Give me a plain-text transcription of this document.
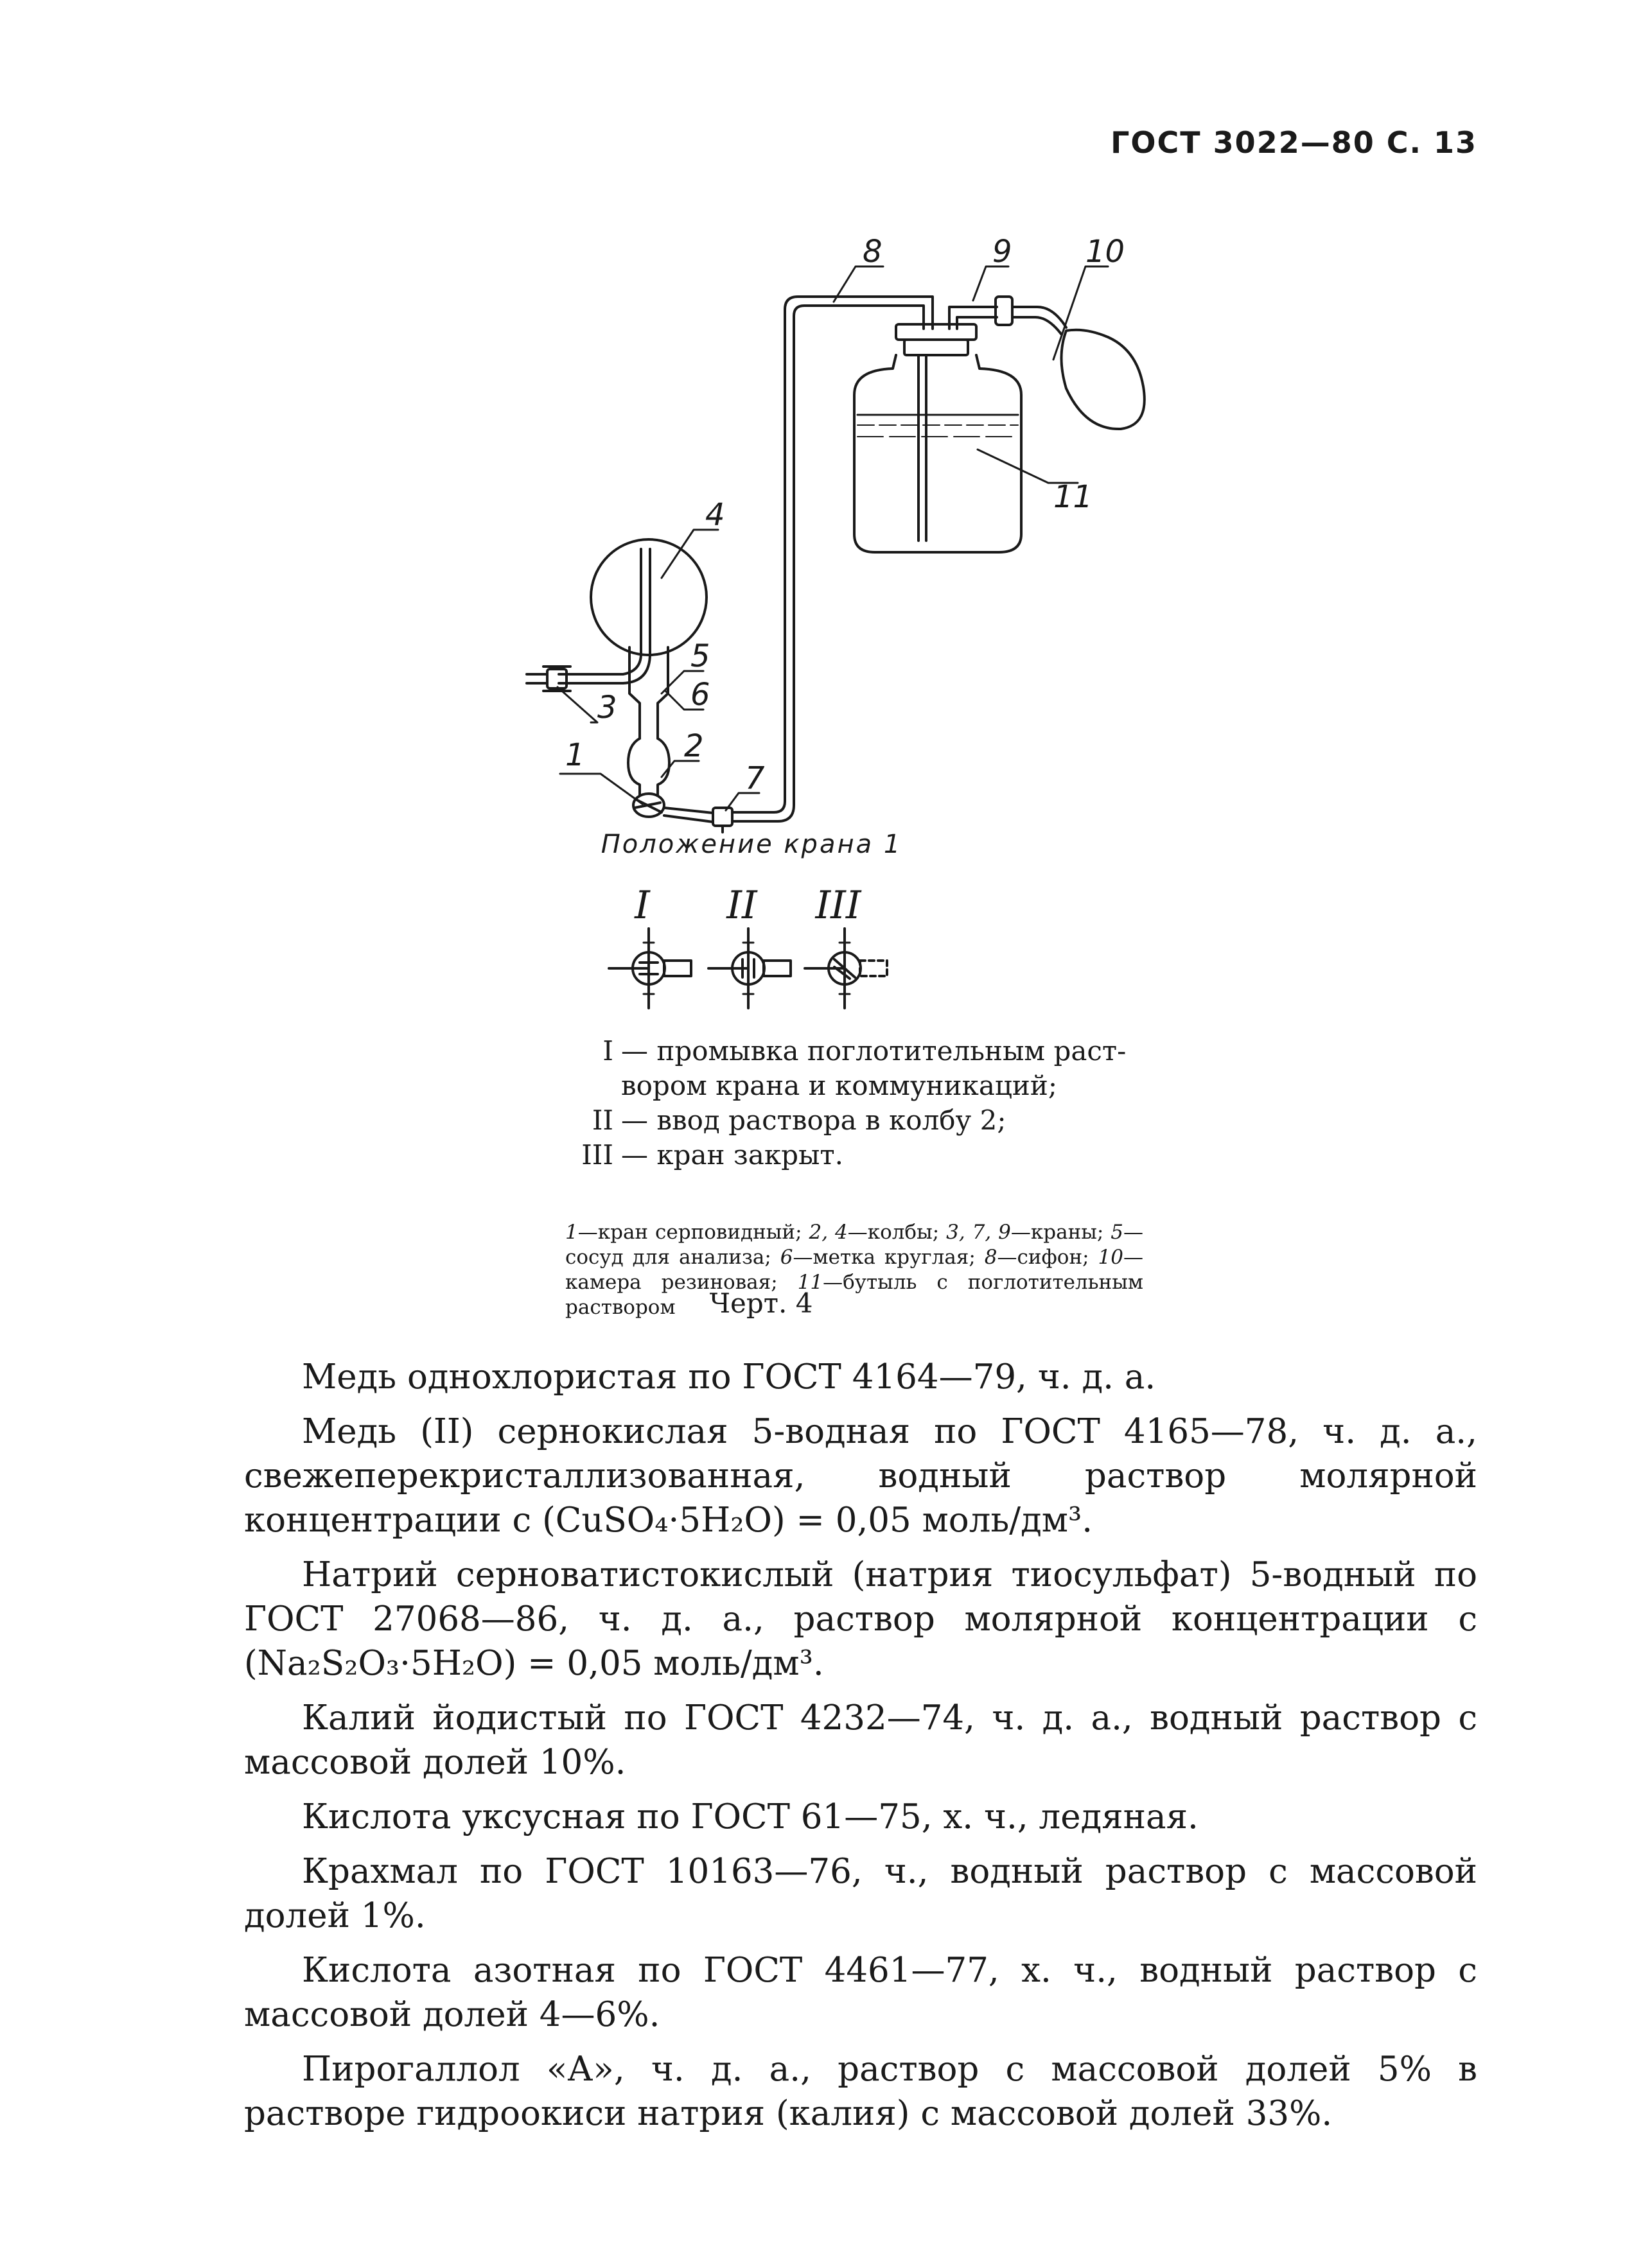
ГОСТ 3022—80 С. 13
1	2
3
4
5
6
7
8	9 10
11
I II III
Положение крана 1
I — промывка поглотительным раст-
вором крана и коммуникаций;
II — ввод раствора в колбу 2;
III — кран закрыт.
1—кран серповидный; 2, 4—колбы; 3, 7, 9—краны; 5—сосуд для анализа; 6—метка круглая; 8—сифон; 10—камера резиновая; 11—бутыль с поглотительным раствором	Черт. 4

Медь однохлористая по ГОСТ 4164—79, ч. д. а.

Медь (II) сернокислая 5-водная по ГОСТ 4165—78, ч. д. а., свежеперекристаллизованная, водный раствор молярной концентрации с (CuSO₄·5H₂O) = 0,05 моль/дм³.

Натрий серноватистокислый (натрия тиосульфат) 5-водный по ГОСТ 27068—86, ч. д. а., раствор молярной концентрации с (Na₂S₂O₃·5H₂O) = 0,05 моль/дм³.

Калий йодистый по ГОСТ 4232—74, ч. д. а., водный раствор с массовой долей 10%.

Кислота уксусная по ГОСТ 61—75, х. ч., ледяная.

Крахмал по ГОСТ 10163—76, ч., водный раствор с массовой долей 1%.

Кислота азотная по ГОСТ 4461—77, х. ч., водный раствор с массовой долей 4—6%.

Пирогаллол «А», ч. д. а., раствор с массовой долей 5% в растворе гидроокиси натрия (калия) с массовой долей 33%.
